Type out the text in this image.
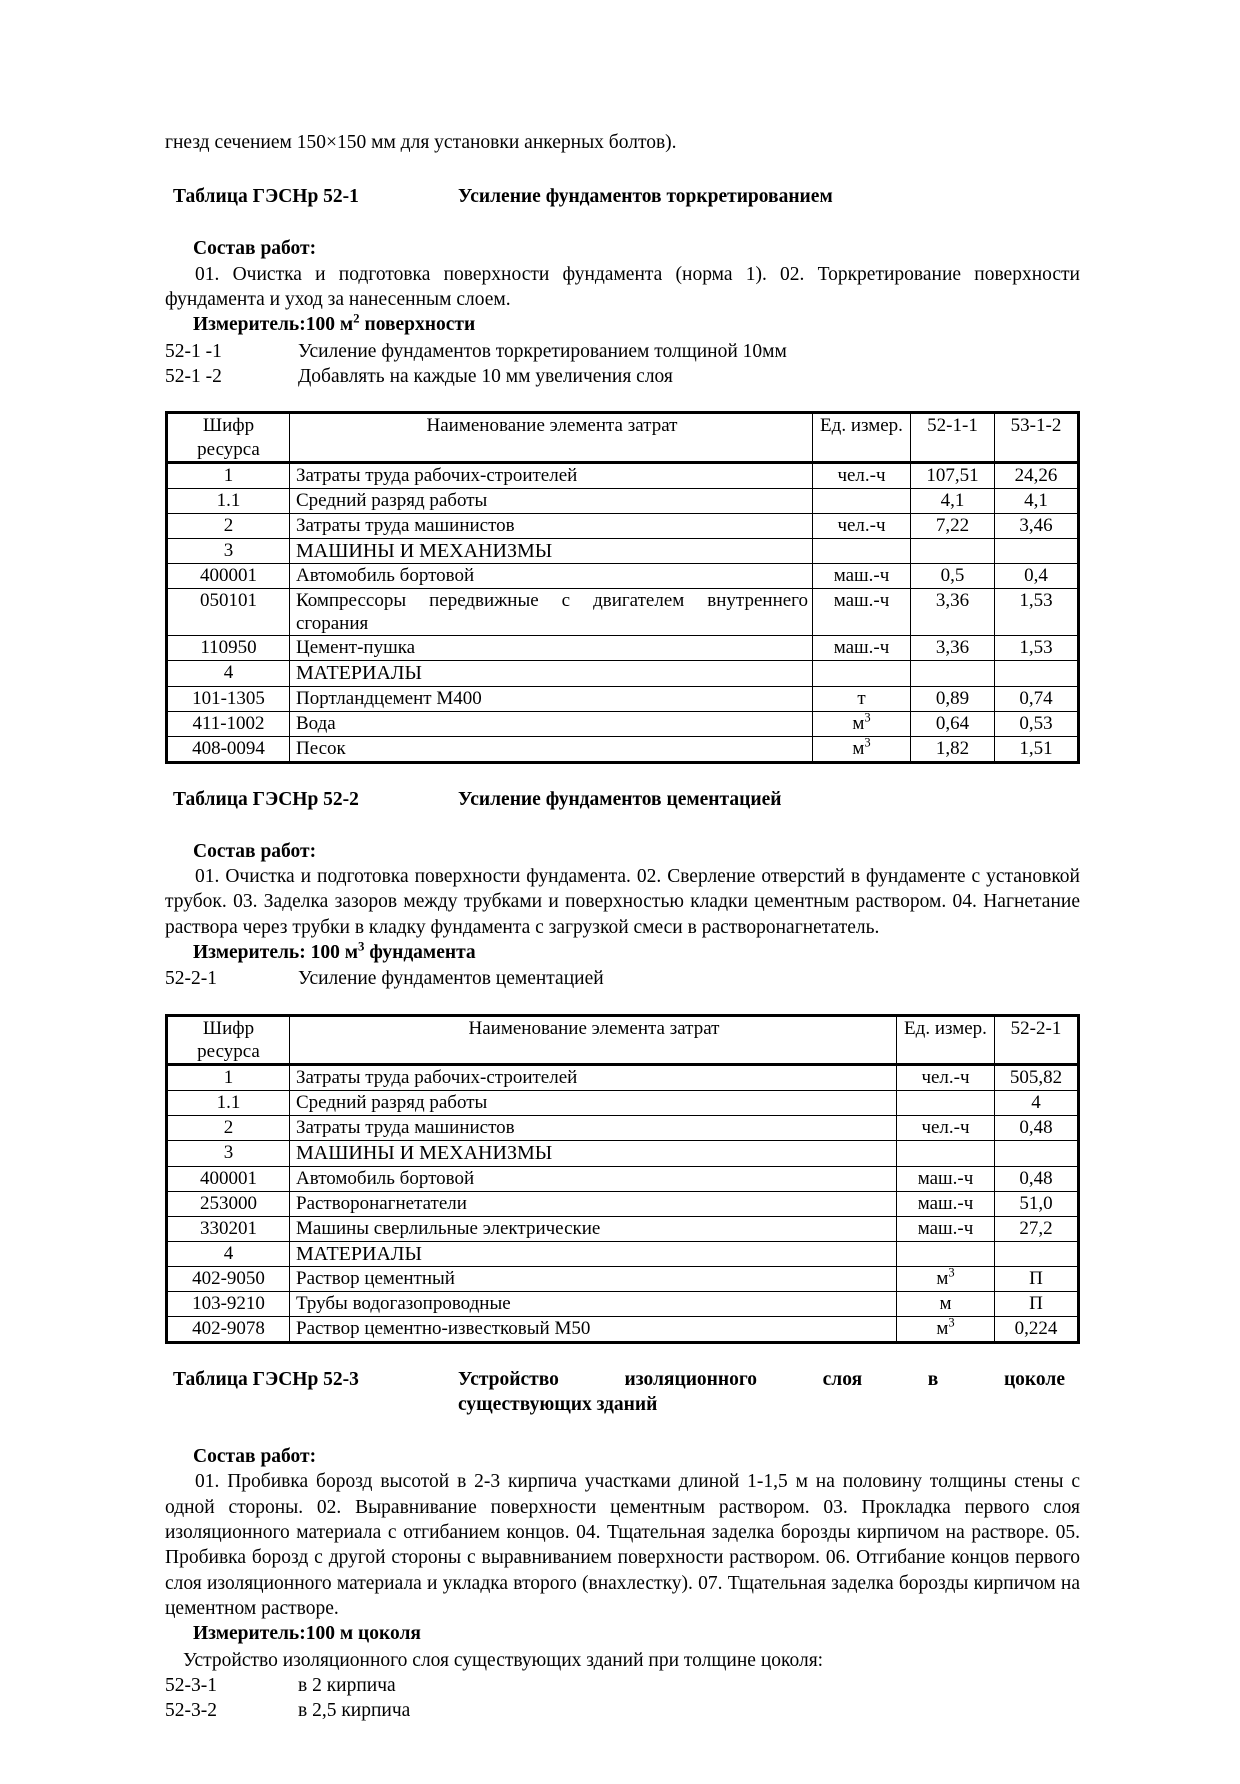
гнезд сечением 150×150 мм для установки анкерных болтов).
Таблица ГЭСНр 52-1	Усиление фундаментов торкретированием
Состав работ:
01. Очистка и подготовка поверхности фундамента (норма 1). 02. Торкретирование поверхности фундамента и уход за нанесенным слоем.
Измеритель:100 $м^2$ поверхности
52-1 -1	Усиление фундаментов торкретированием толщиной 10мм
52-1 -2	Добавлять на каждые 10 мм увеличения слоя
Шифр ресурса	Наименование элемента затрат	Ед. измер.	52-1-1	53-1-2
1	Затраты труда рабочих-строителей	чел.-ч	107,51	24,26
1.1	Средний разряд работы		4,1	4,1
2	Затраты труда машинистов	чел.-ч	7,22	3,46
3	МАШИНЫ И МЕХАНИЗМЫ			
400001	Автомобиль бортовой	маш.-ч	0,5	0,4
050101	Компрессоры передвижные с двигателем внутреннего сгорания	маш.-ч	3,36	1,53
110950	Цемент-пушка	маш.-ч	3,36	1,53
4	МАТЕРИАЛЫ			
101-1305	Портландцемент М400	т	0,89	0,74
411-1002	Вода	$м^3$	0,64	0,53
408-0094	Песок	$м^3$	1,82	1,51
Таблица ГЭСНр 52-2	Усиление фундаментов цементацией
Состав работ:
01. Очистка и подготовка поверхности фундамента. 02. Сверление отверстий в фундаменте с установкой трубок. 03. Заделка зазоров между трубками и поверхностью кладки цементным раствором. 04. Нагнетание раствора через трубки в кладку фундамента с загрузкой смеси в растворонагнетатель.
Измеритель: 100 $м^3$ фундамента
52-2-1	Усиление фундаментов цементацией
Шифр ресурса	Наименование элемента затрат	Ед. измер.	52-2-1
1	Затраты труда рабочих-строителей	чел.-ч	505,82
1.1	Средний разряд работы		4
2	Затраты труда машинистов	чел.-ч	0,48
3	МАШИНЫ И МЕХАНИЗМЫ		
400001	Автомобиль бортовой	маш.-ч	0,48
253000	Растворонагнетатели	маш.-ч	51,0
330201	Машины сверлильные электрические	маш.-ч	27,2
4	МАТЕРИАЛЫ		
402-9050	Раствор цементный	$м^3$	П
103-9210	Трубы водогазопроводные	м	П
402-9078	Раствор цементно-известковый М50	$м^3$	0,224
Таблица ГЭСНр 52-3	Устройство изоляционного слоя в цоколе
существующих зданий
Состав работ:
01. Пробивка борозд высотой в 2-3 кирпича участками длиной 1-1,5 м на половину толщины стены с одной стороны. 02. Выравнивание поверхности цементным раствором. 03. Прокладка первого слоя изоляционного материала с отгибанием концов. 04. Тщательная заделка борозды кирпичом на растворе. 05. Пробивка борозд с другой стороны с выравниванием поверхности раствором. 06. Отгибание концов первого слоя изоляционного материала и укладка второго (внахлестку). 07. Тщательная заделка борозды кирпичом на цементном растворе.
Измеритель:100 м цоколя
Устройство изоляционного слоя существующих зданий при толщине цоколя:
52-3-1	в 2 кирпича
52-3-2	в 2,5 кирпича
